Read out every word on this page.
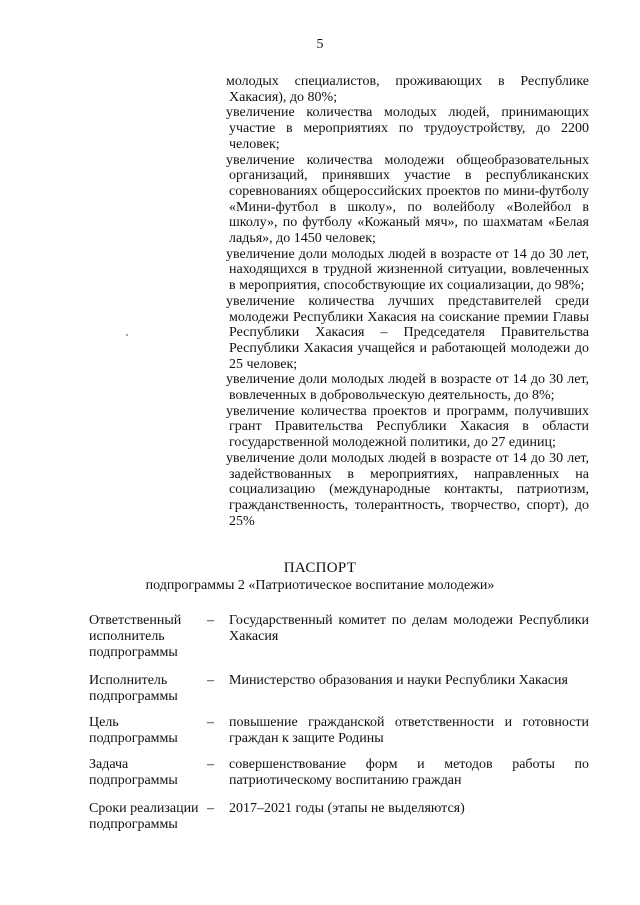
5

молодых специалистов, проживающих в Республике Хакасия), до 80%;

увеличение количества молодых людей, принимающих участие в мероприятиях по трудоустройству, до 2200 человек;

увеличение количества молодежи общеобразовательных организаций, принявших участие в республиканских соревнованиях общероссийских проектов по мини-футболу «Мини-футбол в школу», по волейболу «Волейбол в школу», по футболу «Кожаный мяч», по шахматам «Белая ладья», до 1450 человек;

увеличение доли молодых людей в возрасте от 14 до 30 лет, находящихся в трудной жизненной ситуации, вовлеченных в мероприятия, способствующие их социализации, до 98%;

увеличение количества лучших представителей среди молодежи Республики Хакасия на соискание премии Главы Республики Хакасия – Председателя Правительства Республики Хакасия учащейся и работающей молодежи до 25 человек;

увеличение доли молодых людей в возрасте от 14 до 30 лет, вовлеченных в добровольческую деятельность, до 8%;

увеличение количества проектов и программ, получивших грант Правительства Республики Хакасия в области государственной молодежной политики, до 27 единиц;

увеличение доли молодых людей в возрасте от 14 до 30 лет, задействованных в мероприятиях, направленных на социализацию (международные контакты, патриотизм, гражданственность, толерантность, творчество, спорт), до 25%

ПАСПОРТ
подпрограммы 2 «Патриотическое воспитание молодежи»
Ответственный исполнитель подпрограммы
–	Государственный комитет по делам молодежи Республики Хакасия
Исполнитель подпрограммы
–	Министерство образования и науки Республики Хакасия
Цель подпрограммы
–	повышение гражданской ответственности и готовности граждан к защите Родины
Задача подпрограммы
–	совершенствование форм и методов работы по патриотическому воспитанию граждан
Сроки реализации подпрограммы
–	2017–2021 годы (этапы не выделяются)
